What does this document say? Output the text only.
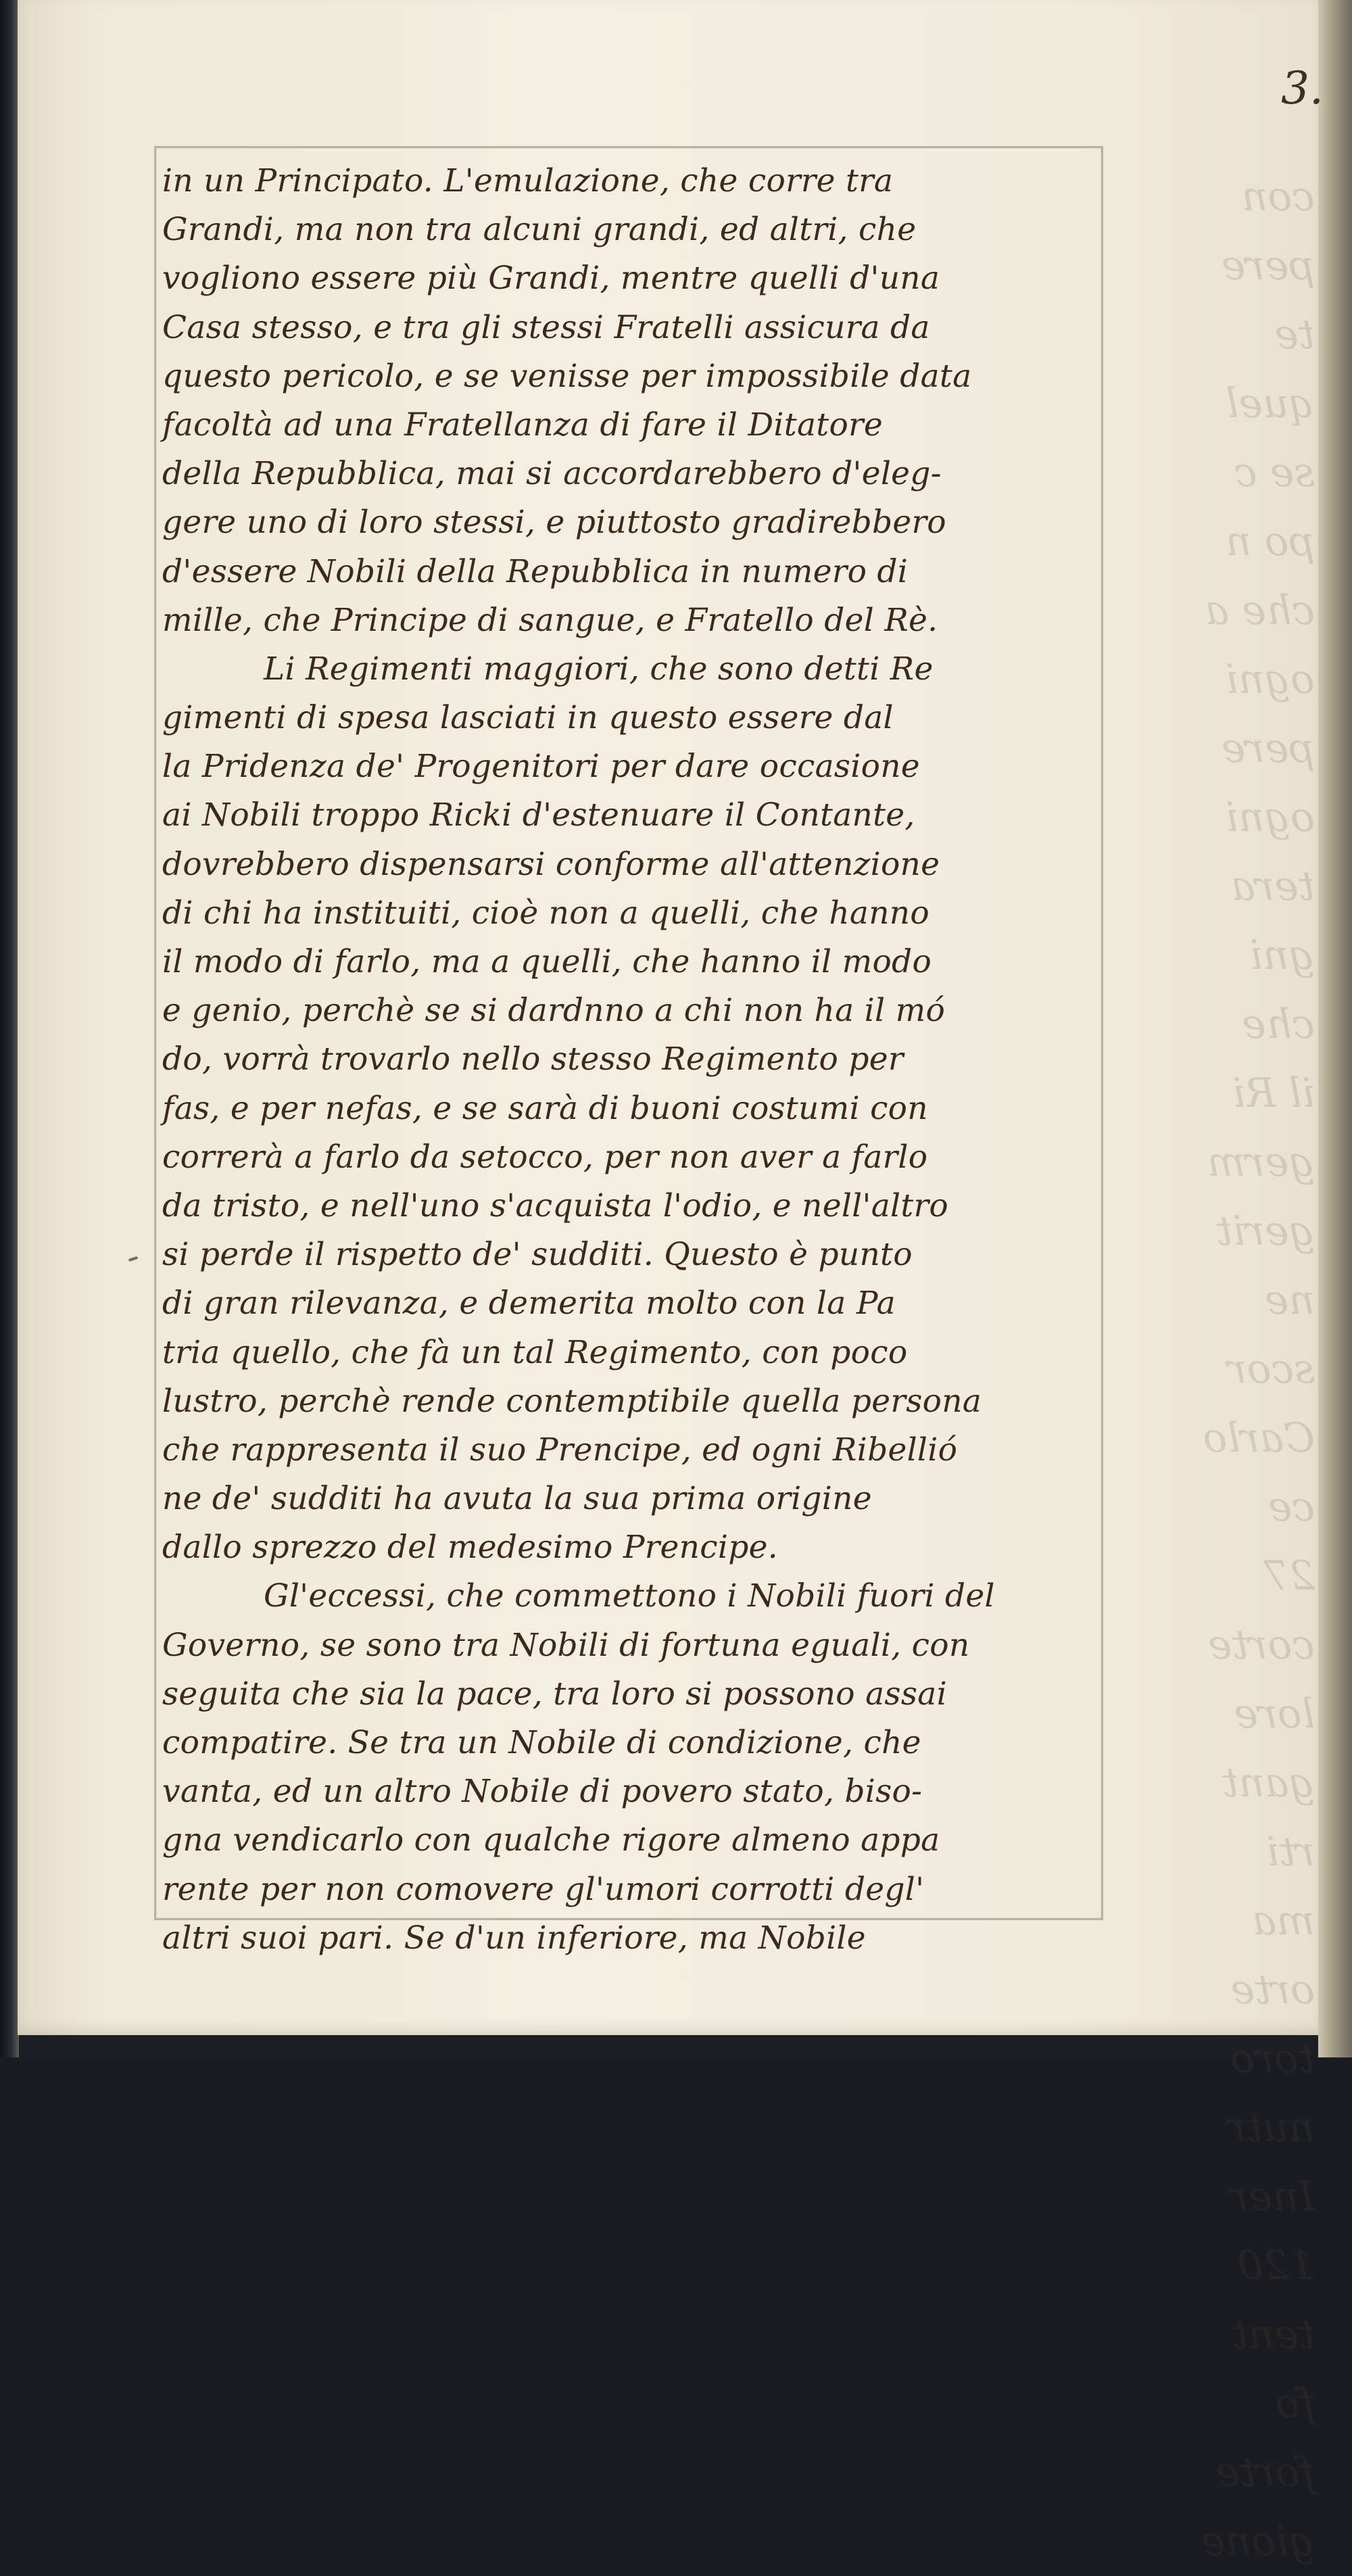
toro
nutr
Iner
120
tent
fo
forte
gione
3.
in un Principato. L'emulazione, che corre tra
Grandi, ma non tra alcuni grandi, ed altri, che
vogliono essere più Grandi, mentre quelli d'una
Casa stesso, e tra gli stessi Fratelli assicura da
questo pericolo, e se venisse per impossibile data
facoltà ad una Fratellanza di fare il Ditatore
della Repubblica, mai si accordarebbero d'eleg-
gere uno di loro stessi, e piuttosto gradirebbero
d'essere Nobili della Repubblica in numero di
mille, che Principe di sangue, e Fratello del Rè.
Li Regimenti maggiori, che sono detti Re
gimenti di spesa lasciati in questo essere dal
la Pridenza de' Progenitori per dare occasione
ai Nobili troppo Ricki d'estenuare il Contante,
dovrebbero dispensarsi conforme all'attenzione
di chi ha instituiti, cioè non a quelli, che hanno
il modo di farlo, ma a quelli, che hanno il modo
e genio, perchè se si dardnno a chi non ha il mó
do, vorrà trovarlo nello stesso Regimento per
fas, e per nefas, e se sarà di buoni costumi con
correrà a farlo da setocco, per non aver a farlo
da tristo, e nell'uno s'acquista l'odio, e nell'altro
si perde il rispetto de' sudditi. Questo è punto
di gran rilevanza, e demerita molto con la Pa
tria quello, che fà un tal Regimento, con poco
lustro, perchè rende contemptibile quella persona
che rappresenta il suo Prencipe, ed ogni Ribellió
ne de' sudditi ha avuta la sua prima origine
dallo sprezzo del medesimo Prencipe.
Gl'eccessi, che commettono i Nobili fuori del
Governo, se sono tra Nobili di fortuna eguali, con
seguita che sia la pace, tra loro si possono assai
compatire. Se tra un Nobile di condizione, che
vanta, ed un altro Nobile di povero stato, biso-
gna vendicarlo con qualche rigore almeno appa
rente per non comovere gl'umori corrotti degl'
altri suoi pari. Se d'un inferiore, ma Nobile
